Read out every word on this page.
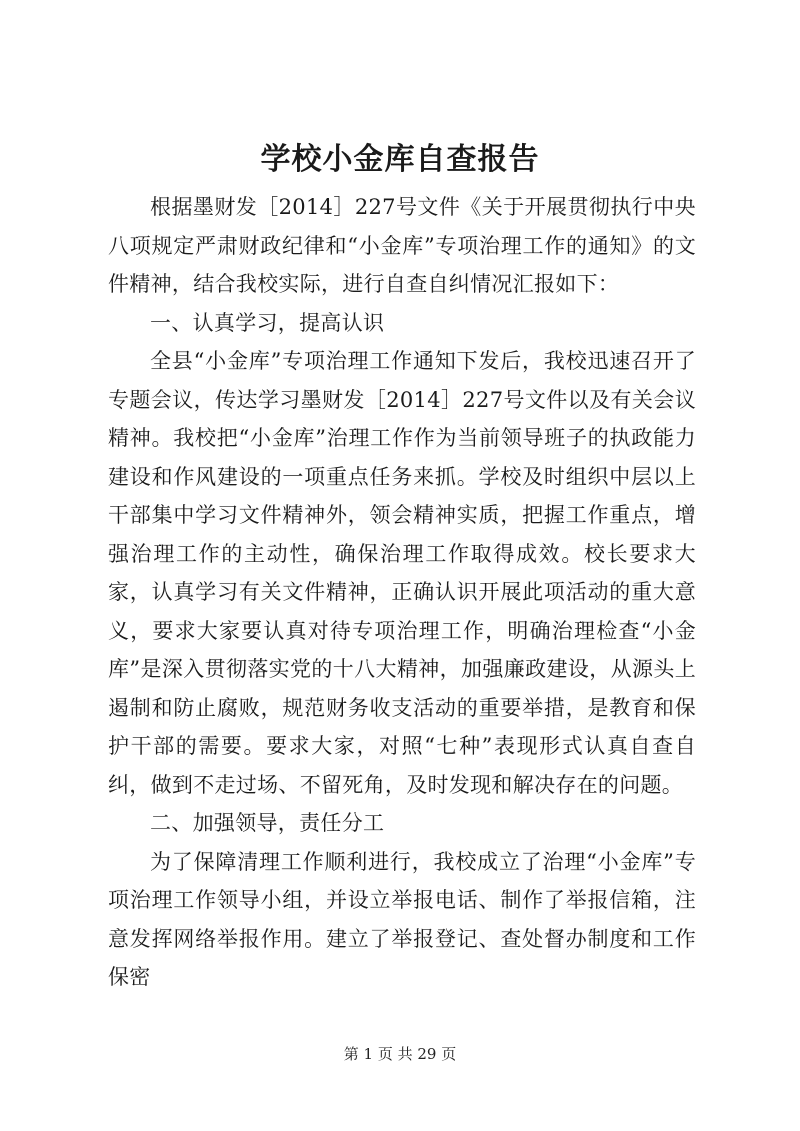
学校小金库自查报告

根据墨财发［2014］227号文件《关于开展贯彻执行中央八项规定严肃财政纪律和“小金库”专项治理工作的通知》的文件精神，结合我校实际，进行自查自纠情况汇报如下：

一、认真学习，提高认识

全县“小金库”专项治理工作通知下发后，我校迅速召开了专题会议，传达学习墨财发［2014］227号文件以及有关会议精神。我校把“小金库”治理工作作为当前领导班子的执政能力建设和作风建设的一项重点任务来抓。学校及时组织中层以上干部集中学习文件精神外，领会精神实质，把握工作重点，增强治理工作的主动性，确保治理工作取得成效。校长要求大家，认真学习有关文件精神，正确认识开展此项活动的重大意义，要求大家要认真对待专项治理工作，明确治理检查“小金库”是深入贯彻落实党的十八大精神，加强廉政建设，从源头上遏制和防止腐败，规范财务收支活动的重要举措，是教育和保护干部的需要。要求大家，对照“七种”表现形式认真自查自纠，做到不走过场、不留死角，及时发现和解决存在的问题。

二、加强领导，责任分工

为了保障清理工作顺利进行，我校成立了治理“小金库”专项治理工作领导小组，并设立举报电话、制作了举报信箱，注意发挥网络举报作用。建立了举报登记、查处督办制度和工作保密

第 1 页 共 29 页
